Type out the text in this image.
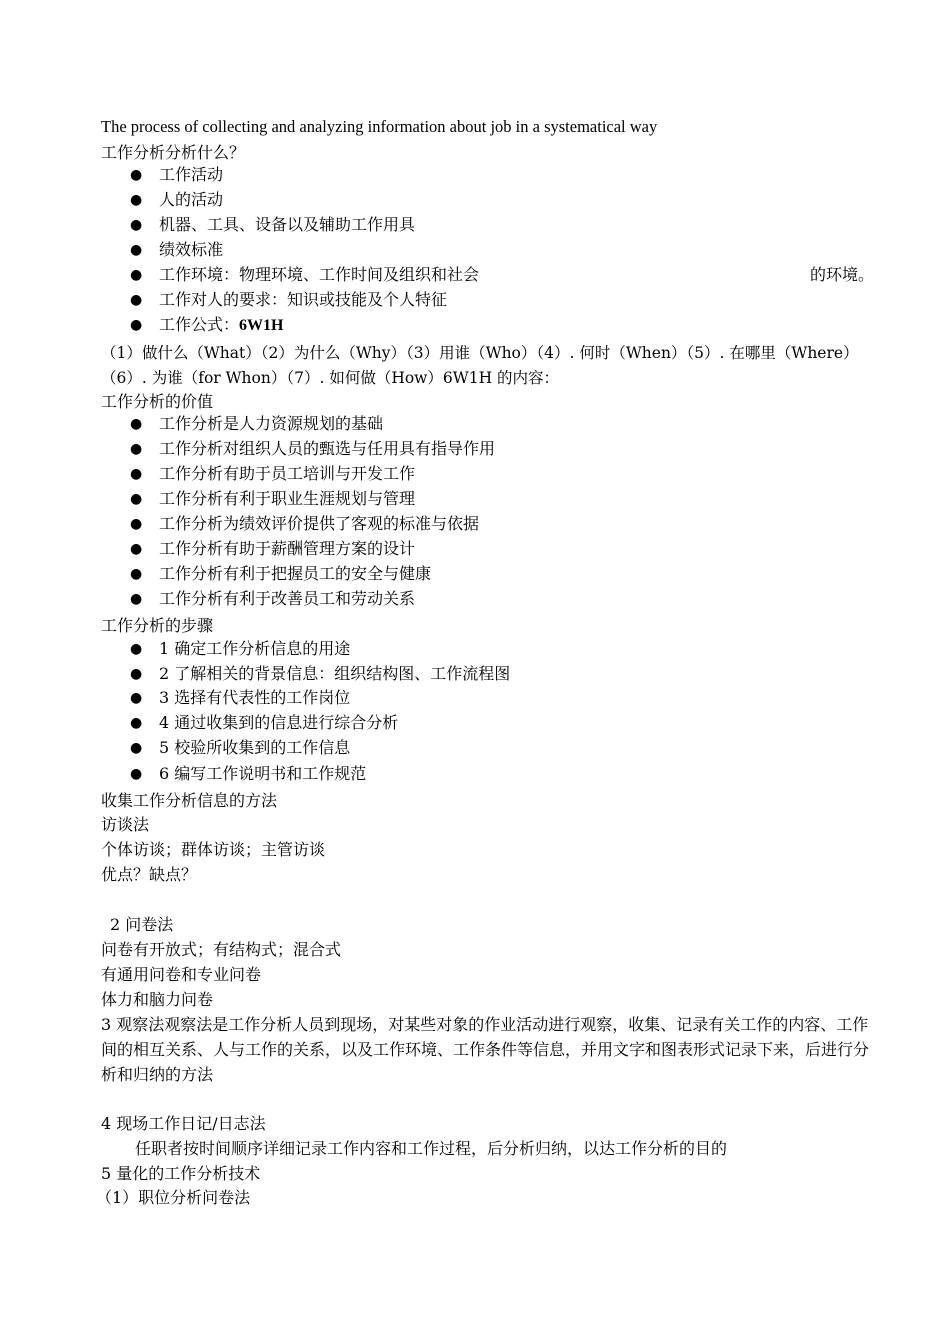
The process of collecting and analyzing information about job in a systematical way
工作分析分析什么？
● 工作活动
● 人的活动
● 机器、工具、设备以及辅助工作用具
● 绩效标准
● 工作环境：物理环境、工作时间及组织和社会	的环境。
● 工作对人的要求：知识或技能及个人特征
● 工作公式：6W1H
（1）做什么（What）（2）为什么（Why）（3）用谁（Who）（4）. 何时（When）（5）. 在哪里（Where）
（6）. 为谁（for Whon）（7）. 如何做（How）6W1H 的内容：
工作分析的价值
● 工作分析是人力资源规划的基础
● 工作分析对组织人员的甄选与任用具有指导作用
● 工作分析有助于员工培训与开发工作
● 工作分析有利于职业生涯规划与管理
● 工作分析为绩效评价提供了客观的标准与依据
● 工作分析有助于薪酬管理方案的设计
● 工作分析有利于把握员工的安全与健康
● 工作分析有利于改善员工和劳动关系
工作分析的步骤
● 1 确定工作分析信息的用途
● 2 了解相关的背景信息：组织结构图、工作流程图
● 3 选择有代表性的工作岗位
● 4 通过收集到的信息进行综合分析
● 5 校验所收集到的工作信息
● 6 编写工作说明书和工作规范
收集工作分析信息的方法
访谈法
个体访谈；群体访谈；主管访谈
优点？缺点？
2 问卷法
问卷有开放式；有结构式；混合式
有通用问卷和专业问卷
体力和脑力问卷
3 观察法观察法是工作分析人员到现场，对某些对象的作业活动进行观察，收集、记录有关工作的内容、工作间的相互关系、人与工作的关系，以及工作环境、工作条件等信息，并用文字和图表形式记录下来，后进行分析和归纳的方法
4 现场工作日记/日志法
任职者按时间顺序详细记录工作内容和工作过程，后分析归纳，以达工作分析的目的
5 量化的工作分析技术
（1）职位分析问卷法
